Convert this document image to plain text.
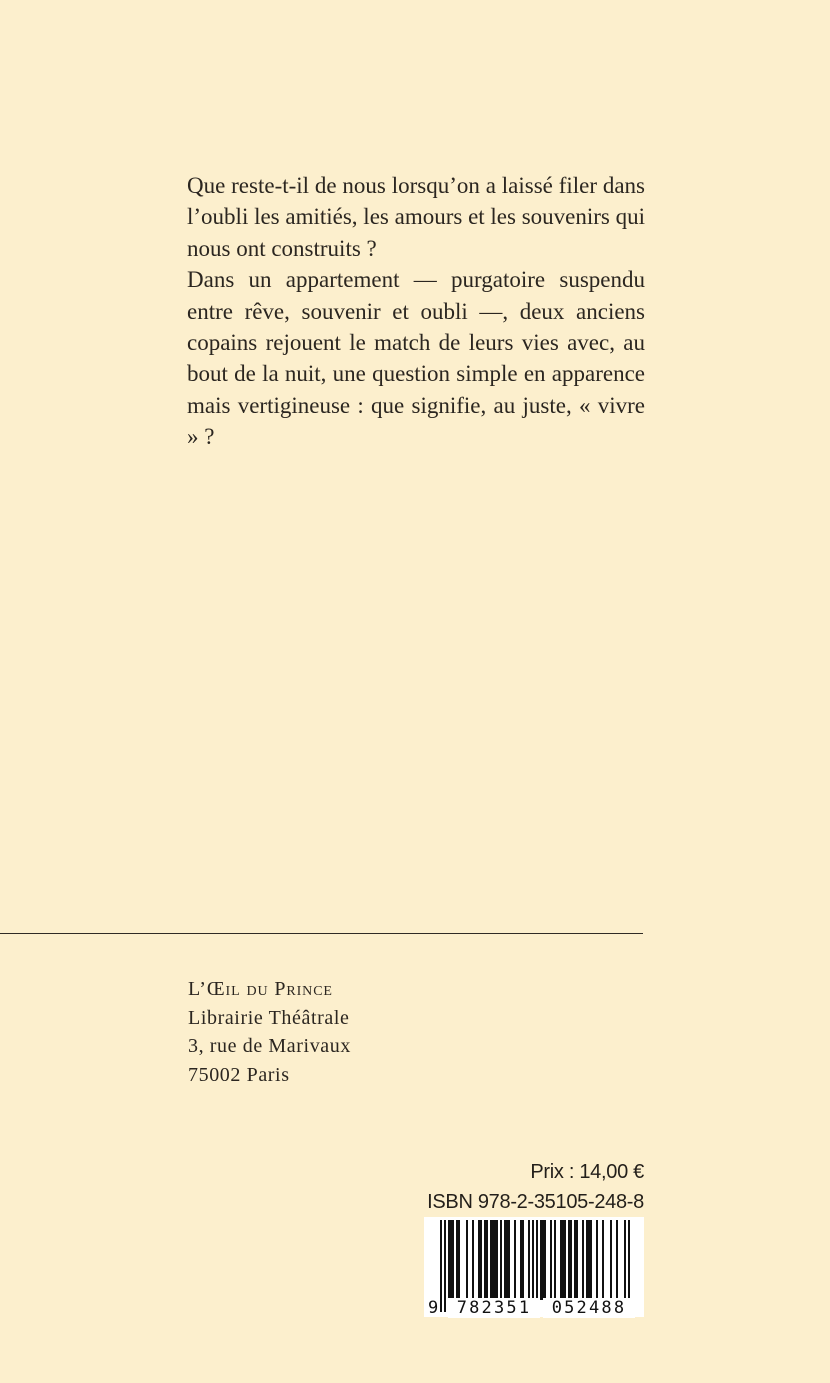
Que reste-t-il de nous lorsqu’on a laissé filer dans l’oubli les amitiés, les amours et les souvenirs qui nous ont construits ?

Dans un appartement — purgatoire suspendu entre rêve, souvenir et oubli —, deux anciens copains rejouent le match de leurs vies avec, au bout de la nuit, une question simple en apparence mais vertigineuse : que signifie, au juste, « vivre » ?

L’Œil du Prince
Librairie Théâtrale
3, rue de Marivaux
75002 Paris
Prix : 14,00 €
ISBN 978-2-35105-248-8
9	782351	052488
